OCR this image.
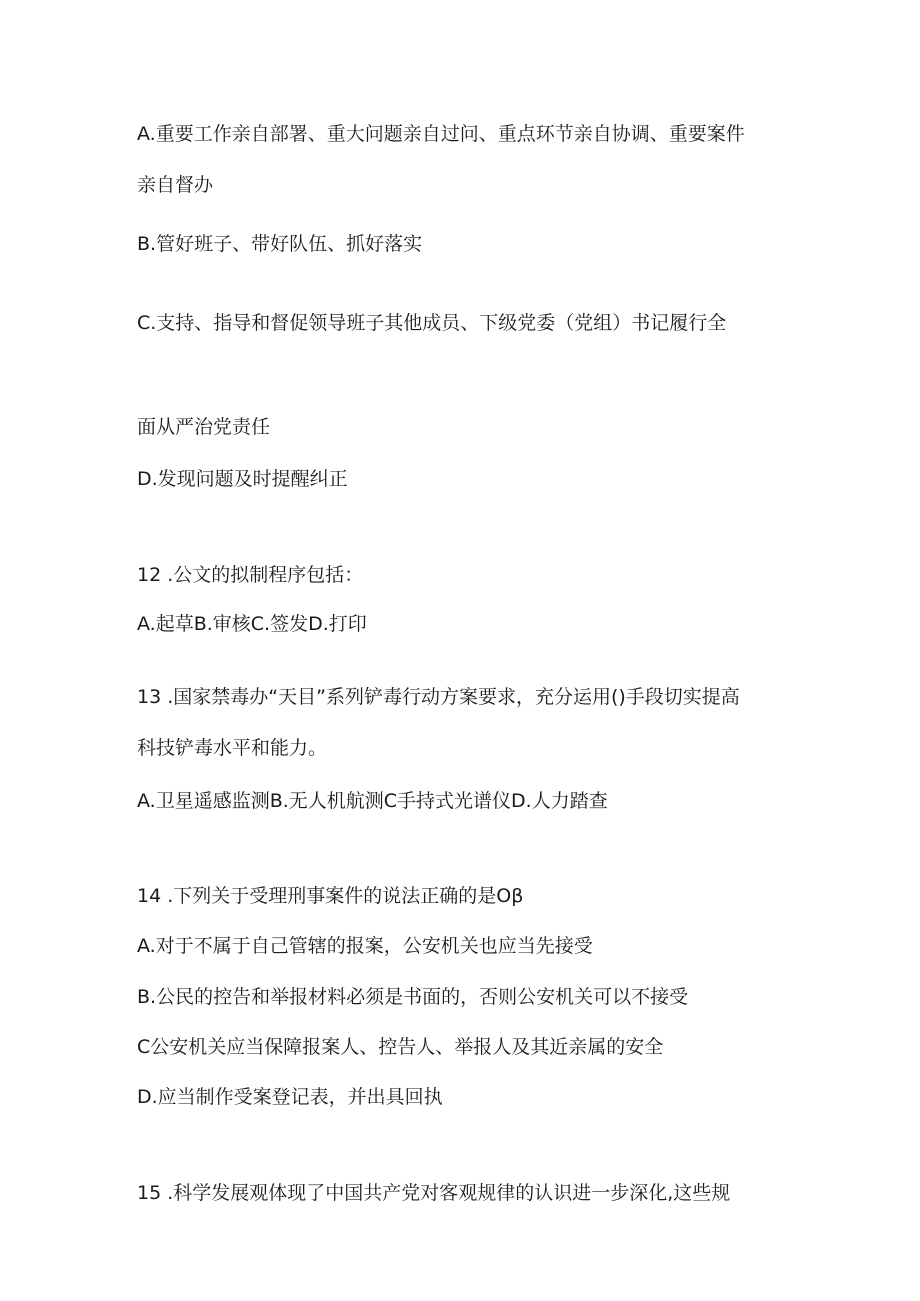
A.重要工作亲自部署、重大问题亲自过问、重点环节亲自协调、重要案件
亲自督办
B.管好班子、带好队伍、抓好落实
C.支持、指导和督促领导班子其他成员、下级党委（党组）书记履行全
面从严治党责任
D.发现问题及时提醒纠正
12 .公文的拟制程序包括：
A.起草B.审核C.签发D.打印
13 .国家禁毒办“天目”系列铲毒行动方案要求，充分运用()手段切实提高
科技铲毒水平和能力。
A.卫星遥感监测B.无人机航测C手持式光谱仪D.人力踏查
14 .下列关于受理刑事案件的说法正确的是Oβ
A.对于不属于自己管辖的报案，公安机关也应当先接受
B.公民的控告和举报材料必须是书面的，否则公安机关可以不接受
C公安机关应当保障报案人、控告人、举报人及其近亲属的安全
D.应当制作受案登记表，并出具回执
15 .科学发展观体现了中国共产党对客观规律的认识进一步深化,这些规
